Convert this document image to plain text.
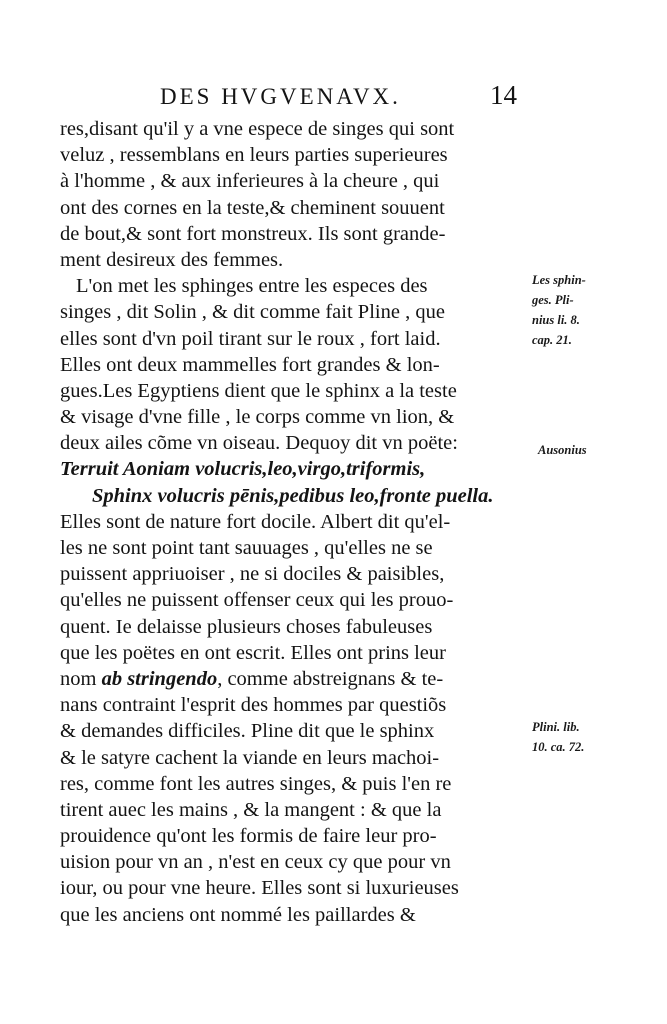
DES HVGVENAVX.	14
res,disant qu'il y a vne espece de singes qui sont
veluz , ressemblans en leurs parties superieures
à l'homme , & aux inferieures à la cheure , qui
ont des cornes en la teste,& cheminent souuent
de bout,& sont fort monstreux. Ils sont grande-
ment desireux des femmes.
L'on met les sphinges entre les especes des
singes , dit Solin , & dit comme fait Pline , que
elles sont d'vn poil tirant sur le roux , fort laid.
Elles ont deux mammelles fort grandes & lon-
gues.Les Egyptiens dient que le sphinx a la teste
& visage d'vne fille , le corps comme vn lion, &
deux ailes cõme vn oiseau. Dequoy dit vn poëte:
Terruit Aoniam volucris,leo,virgo,triformis,
Sphinx volucris pēnis,pedibus leo,fronte puella.
Elles sont de nature fort docile. Albert dit qu'el-
les ne sont point tant sauuages , qu'elles ne se
puissent appriuoiser , ne si dociles & paisibles,
qu'elles ne puissent offenser ceux qui les prouo-
quent. Ie delaisse plusieurs choses fabuleuses
que les poëtes en ont escrit. Elles ont prins leur
nom ab stringendo, comme abstreignans & te-
nans contraint l'esprit des hommes par questiõs
& demandes difficiles. Pline dit que le sphinx
& le satyre cachent la viande en leurs machoi-
res, comme font les autres singes, & puis l'en re
tirent auec les mains , & la mangent : & que la
prouidence qu'ont les formis de faire leur pro-
uision pour vn an , n'est en ceux cy que pour vn
iour, ou pour vne heure. Elles sont si luxurieuses
que les anciens ont nommé les paillardes &
Les sphin-
ges. Pli-
nius li. 8.
cap. 21.
Ausonius
Plini. lib.
10. ca. 72.
